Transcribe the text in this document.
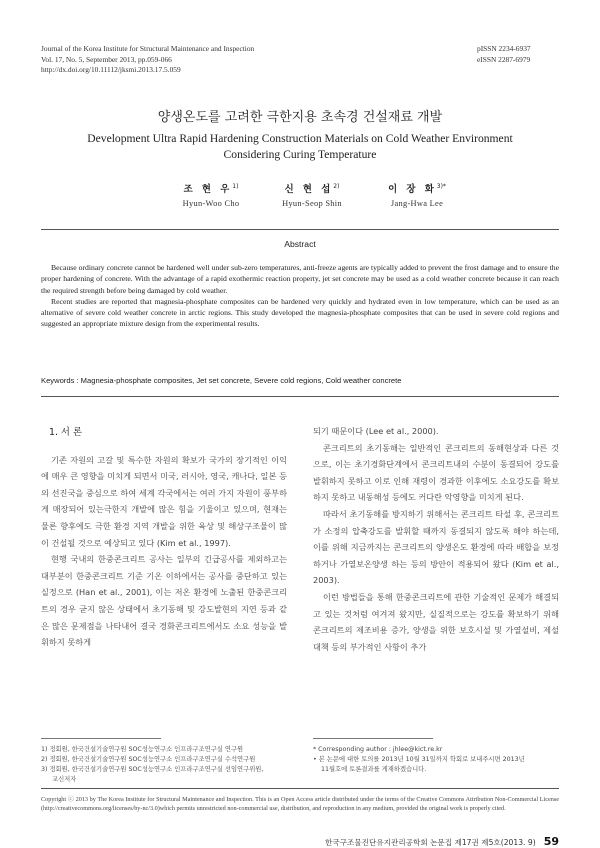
Journal of the Korea Institute for Structural Maintenance and Inspection
Vol. 17, No. 5, September 2013, pp.059-066
http://dx.doi.org/10.11112/jksmi.2013.17.5.059
pISSN 2234-6937
eISSN 2287-6979
양생온도를 고려한 극한지용 초속경 건설재료 개발
Development Ultra Rapid Hardening Construction Materials on Cold Weather Environment
Considering Curing Temperature
조 현 우$^{1)}$
Hyun-Woo Cho
신 현 섭$^{2)}$
Hyun-Seop Shin
이 장 화$^{3)*}$
Jang-Hwa Lee
Abstract

Because ordinary concrete cannot be hardened well under sub-zero temperatures, anti-freeze agents are typically added to prevent the frost damage and to ensure the proper hardening of concrete. With the advantage of a rapid exothermic reaction property, jet set concrete may be used as a cold weather concrete because it can reach the required strength before being damaged by cold weather.

Recent studies are reported that magnesia-phosphate composites can be hardened very quickly and hydrated even in low temperature, which can be used as an alternative of severe cold weather concrete in arctic regions. This study developed the magnesia-phosphate composites that can be used in severe cold regions and suggested an appropriate mixture design from the experimental results.

Keywords : Magnesia-phosphate composites, Jet set concrete, Severe cold regions, Cold weather concrete
1. 서 론

기존 자원의 고갈 및 특수한 자원의 확보가 국가의 장기적인 이익에 매우 큰 영향을 미치게 되면서 미국, 러시아, 영국, 캐나다, 일본 등의 선진국을 중심으로 하여 세계 각국에서는 여러 가지 자원이 풍부하게 매장되어 있는극한지 개발에 많은 힘을 기울이고 있으며, 현재는 물론 향후에도 극한 환경 지역 개발을 위한 육상 및 해상구조물이 많이 건설될 것으로 예상되고 있다 (Kim et al., 1997).

현행 국내의 한중콘크리트 공사는 일부의 긴급공사를 제외하고는 대부분이 한중콘크리트 기준 기온 이하에서는 공사를 중단하고 있는 실정으로 (Han et al., 2001), 이는 저온 환경에 노출된 한중콘크리트의 경우 굳지 않은 상태에서 초기동해 및 강도발현의 지연 등과 같은 많은 문제점을 나타내어 결국 경화콘크리트에서도 소요 성능을 발휘하지 못하게

되기 때문이다 (Lee et al., 2000).

콘크리트의 초기동해는 일반적인 콘크리트의 동해현상과 다른 것으로, 이는 초기경화단계에서 콘크리트내의 수분이 동결되어 강도를 발휘하지 못하고 이로 인해 재령이 경과한 이후에도 소요강도를 확보하지 못하고 내동해성 등에도 커다란 악영향을 미치게 된다.

따라서 초기동해를 방지하기 위해서는 콘크리트 타설 후, 콘크리트가 소정의 압축강도를 발휘할 때까지 동결되지 않도록 해야 하는데, 이를 위해 지금까지는 콘크리트의 양생온도 환경에 따라 배합을 보정하거나 가열보온양생 하는 등의 방안이 적용되어 왔다 (Kim et al., 2003).

이런 방법들을 통해 한중콘크리트에 관한 기술적인 문제가 해결되고 있는 것처럼 여겨져 왔지만, 실질적으로는 강도를 확보하기 위해 콘크리트의 제조비용 증가, 양생을 위한 보호시설 및 가열설비, 제설대책 등의 부가적인 사항이 추가

1) 정회원, 한국건설기술연구원 SOC성능연구소 인프라구조연구실 연구원
2) 정회원, 한국건설기술연구원 SOC성능연구소 인프라구조연구실 수석연구원
3) 정회원, 한국건설기술연구원 SOC성능연구소 인프라구조연구실 선임연구위원,
교신저자
* Corresponding author : jhlee@kict.re.kr
• 본 논문에 대한 토의를 2013년 10월 31일까지 학회로 보내주시면 2013년
11월호에 토론결과를 게재하겠습니다.
Copyright ⓒ 2013 by The Korea Institute for Structural Maintenance and Inspection. This is an Open Access article distributed under the terms of the Creative Commons Attribution Non-Commercial License (http://creativecommons.org/licenses/by-nc/3.0)which permits unrestricted non-commercial use, distribution, and reproduction in any medium, provided the original work is properly cited.
한국구조물진단유지관리공학회 논문집 제17권 제5호(2013. 9) 59
